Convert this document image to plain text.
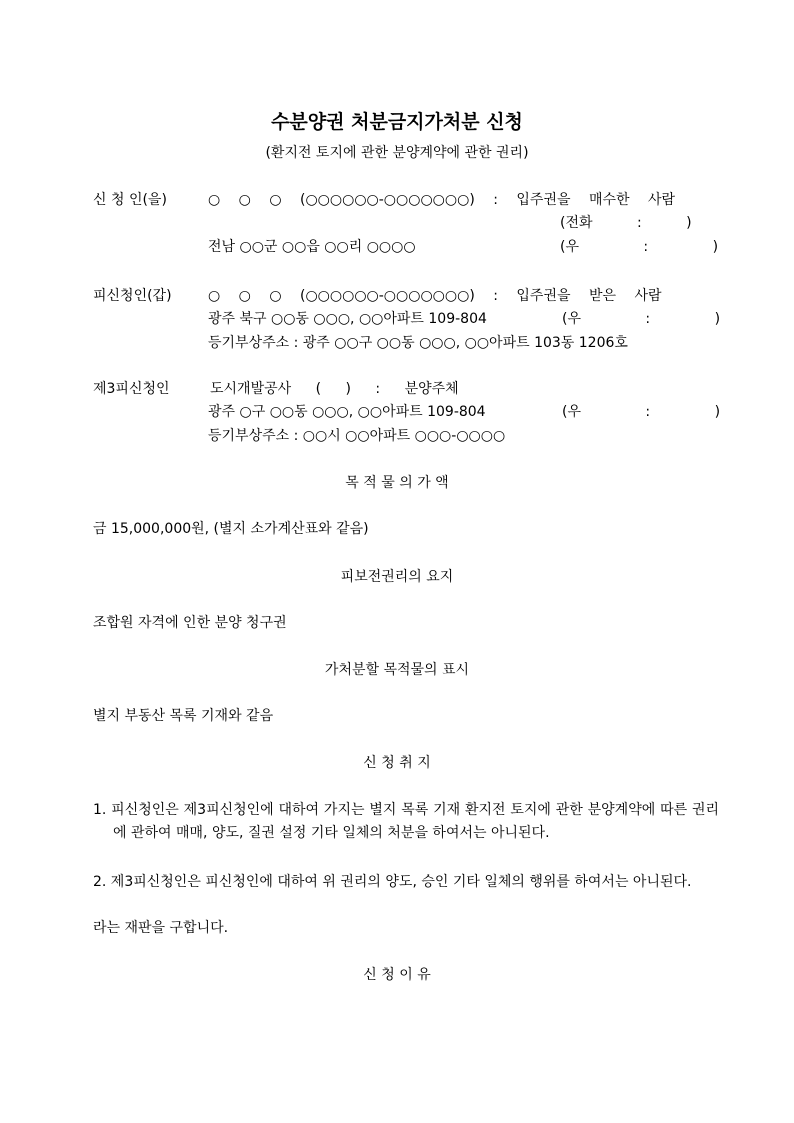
수분양권 처분금지가처분 신청
(환지전 토지에 관한 분양계약에 관한 권리)
신 청 인(을)	○ ○ ○ (○○○○○○-○○○○○○○) : 입주권을 매수한 사람
(전화 : )
전남 ○○군 ○○읍 ○○리 ○○○○	(우 : )
피신청인(갑)	○ ○ ○ (○○○○○○-○○○○○○○) : 입주권을 받은 사람
광주 북구 ○○동 ○○○, ○○아파트 109-804	(우 : )
등기부상주소 : 광주 ○○구 ○○동 ○○○, ○○아파트 103동 1206호
제3피신청인	도시개발공사 ( ) : 분양주체
광주 ○구 ○○동 ○○○, ○○아파트 109-804	(우 : )
등기부상주소 : ○○시 ○○아파트 ○○○-○○○○
목 적 물 의 가 액
금 15,000,000원, (별지 소가계산표와 같음)
피보전권리의 요지
조합원 자격에 인한 분양 청구권
가처분할 목적물의 표시
별지 부동산 목록 기재와 같음
신 청 취 지
1. 피신청인은 제3피신청인에 대하여 가지는 별지 목록 기재 환지전 토지에 관한 분양계약에 따른 권리에 관하여 매매, 양도, 질권 설정 기타 일체의 처분을 하여서는 아니된다.
2. 제3피신청인은 피신청인에 대하여 위 권리의 양도, 승인 기타 일체의 행위를 하여서는 아니된다.
라는 재판을 구합니다.
신 청 이 유
